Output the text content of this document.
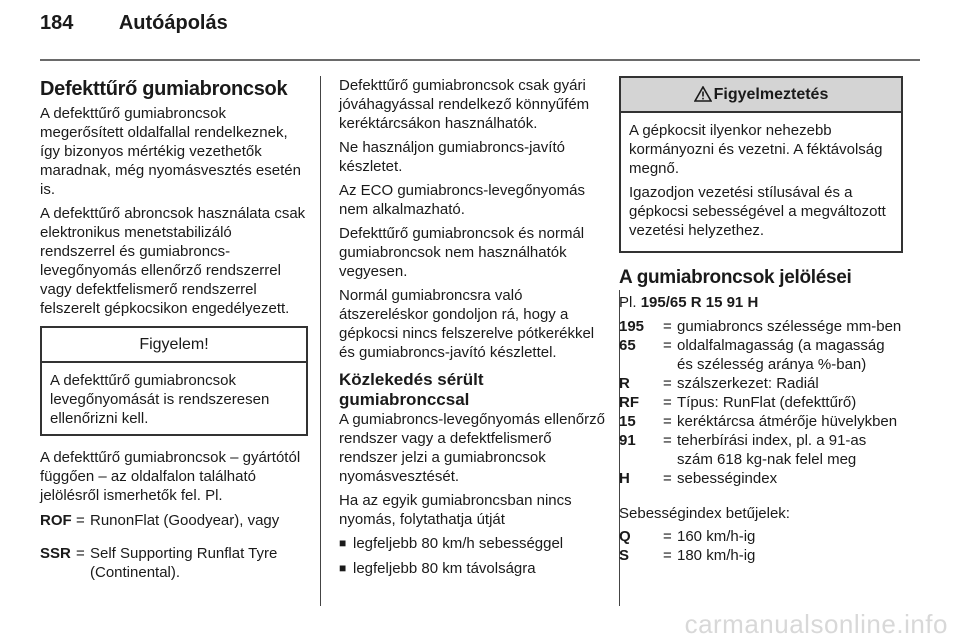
184 Autóápolás
Defekttűrő gumiabroncsok

A defekttűrő gumiabroncsok megerősített oldalfallal rendelkeznek, így bizonyos mértékig vezethetők maradnak, még nyomásvesztés esetén is.

A defekttűrő abroncsok használata csak elektronikus menetstabilizáló rendszerrel és gumiabroncs-levegőnyomás ellenőrző rendszerrel vagy defektfelismerő rendszerrel felszerelt gépkocsikon engedélyezett.

Figyelem!
A defekttűrő gumiabroncsok levegőnyomását is rendszeresen ellenőrizni kell.

A defekttűrő gumiabroncsok – gyártótól függően – az oldalfalon található jelölésről ismerhetők fel. Pl.

ROF = RunonFlat (Goodyear), vagy
SSR = Self Supporting Runflat Tyre (Continental).

Defekttűrő gumiabroncsok csak gyári jóváhagyással rendelkező könnyűfém keréktárcsákon használhatók.

Ne használjon gumiabroncs-javító készletet.

Az ECO gumiabroncs-levegőnyomás nem alkalmazható.

Defekttűrő gumiabroncsok és normál gumiabroncsok nem használhatók vegyesen.

Normál gumiabroncsra való átszereléskor gondoljon rá, hogy a gépkocsi nincs felszerelve pótkerékkel és gumiabroncs-javító készlettel.

Közlekedés sérült gumiabronccsal

A gumiabroncs-levegőnyomás ellenőrző rendszer vagy a defektfelismerő rendszer jelzi a gumiabroncsok nyomásvesztését.

Ha az egyik gumiabroncsban nincs nyomás, folytathatja útját

■ legfeljebb 80 km/h sebességgel
■ legfeljebb 80 km távolságra
Figyelmeztetés

A gépkocsit ilyenkor nehezebb kormányozni és vezetni. A féktávolság megnő.

Igazodjon vezetési stílusával és a gépkocsi sebességével a megváltozott vezetési helyzethez.

A gumiabroncsok jelölései

Pl. 195/65 R 15 91 H

195	= gumiabroncs szélessége mm-ben
65	= oldalfalmagasság (a magasság és szélesség aránya %-ban)
R	= szálszerkezet: Radiál
RF	= Típus: RunFlat (defekttűrő)
15	= keréktárcsa átmérője hüvelykben
91	= teherbírási index, pl. a 91-as szám 618 kg-nak felel meg
H	= sebességindex

Sebességindex betűjelek:

Q	= 160 km/h-ig
S	= 180 km/h-ig
carmanualsonline.info
